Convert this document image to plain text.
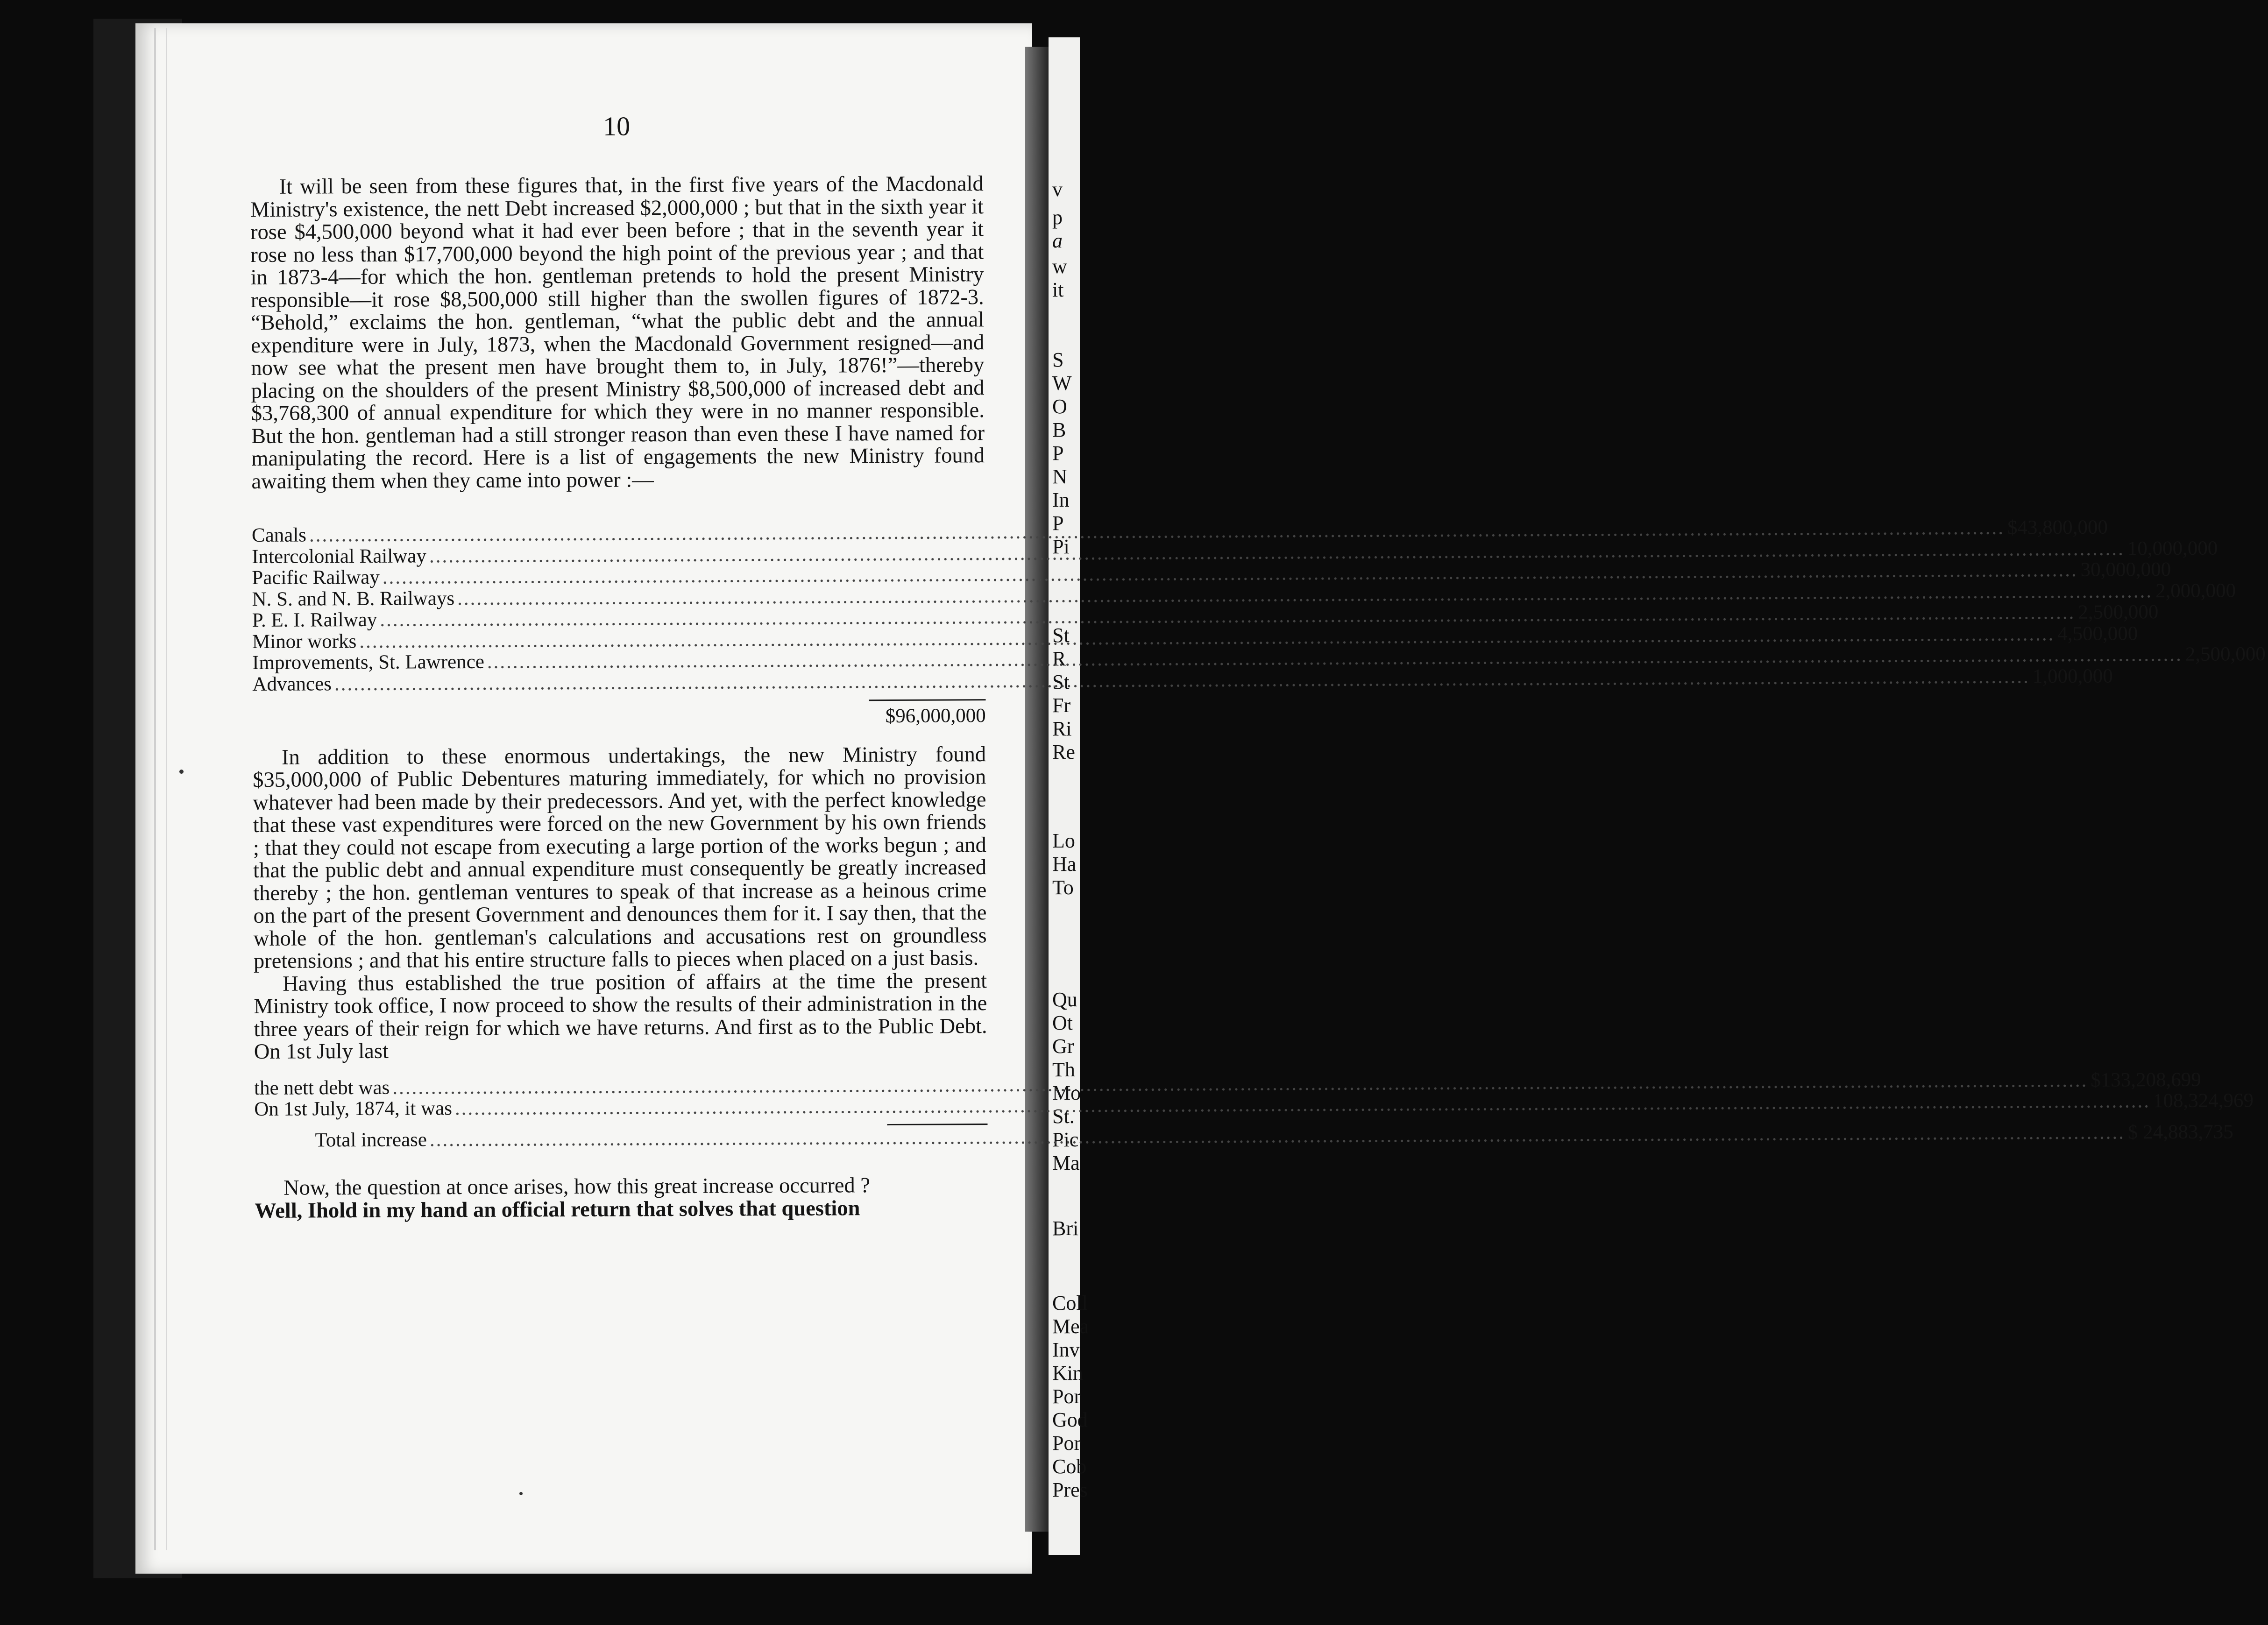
v
p
a
w
it
S
W
O
B
P
N
In
P
Pi
St
R
St
Fr
Ri
Re
Lo
Ha
To
Qu
Ot
Gr
Th
Mo
St.
Pic
Ma
Bri
Coll
Mea
Inv
Kin
Por
God
Por
Cob
Pres
10

It will be seen from these figures that, in the first five years of the Macdonald Ministry's existence, the nett Debt increased $2,000,000 ; but that in the sixth year it rose $4,500,000 beyond what it had ever been before ; that in the seventh year it rose no less than $17,700,000 beyond the high point of the previous year ; and that in 1873-4—for which the hon. gentleman pretends to hold the present Ministry responsible—it rose $8,500,000 still higher than the swollen figures of 1872-3. “Behold,” exclaims the hon. gentleman, “what the public debt and the annual expenditure were in July, 1873, when the Macdonald Government resigned—and now see what the present men have brought them to, in July, 1876!”—thereby placing on the shoulders of the present Ministry $8,500,000 of increased debt and $3,768,300 of annual expenditure for which they were in no manner responsible. But the hon. gentleman had a still stronger reason than even these I have named for manipulating the record. Here is a list of engagements the new Ministry found awaiting them when they came into power :—

Canals .....	$43,800,000
Intercolonial Railway .....	10,000,000
Pacific Railway .....	30,000,000
N. S. and N. B. Railways .....	2,000,000
P. E. I. Railway .....	2,500,000
Minor works .....	4,500,000
Improvements, St. Lawrence .....	2,500,000
Advances .....	1,000,000
$96,000,000

In addition to these enormous undertakings, the new Ministry found $35,000,000 of Public Debentures maturing immediately, for which no provision whatever had been made by their predecessors. And yet, with the perfect knowledge that these vast expenditures were forced on the new Government by his own friends ; that they could not escape from executing a large portion of the works begun ; and that the public debt and annual expenditure must consequently be greatly increased thereby ; the hon. gentleman ventures to speak of that increase as a heinous crime on the part of the present Government and denounces them for it. I say then, that the whole of the hon. gentleman's calculations and accusations rest on groundless pretensions ; and that his entire structure falls to pieces when placed on a just basis.

Having thus established the true position of affairs at the time the present Ministry took office, I now proceed to show the results of their administration in the three years of their reign for which we have returns. And first as to the Public Debt. On 1st July last

the nett debt was .....	$133,208,699
On 1st July, 1874, it was .....	108,324,969
Total increase .....	$ 24,883,735

Now, the question at once arises, how this great increase occurred ?

Well, Ihold in my hand an official return that solves that question
